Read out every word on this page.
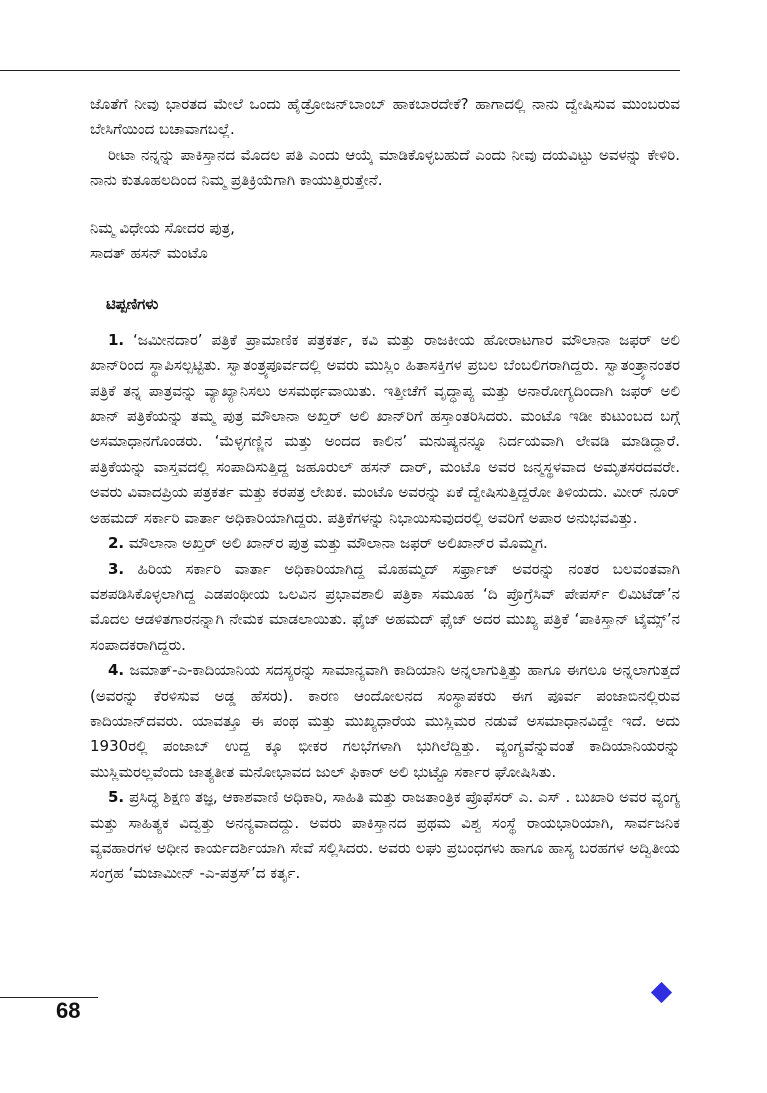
ಜೊತೆಗೆ ನೀವು ಭಾರತದ ಮೇಲೆ ಒಂದು ಹೈಡ್ರೋಜನ್‌ಬಾಂಬ್ ಹಾಕಬಾರದೇಕೆ? ಹಾಗಾದಲ್ಲಿ ನಾನು ದ್ವೇಷಿಸುವ ಮುಂಬರುವ ಬೇಸಿಗೆಯಿಂದ ಬಚಾವಾಗಬಲ್ಲೆ.

ರೀಟಾ ನನ್ನನ್ನು ಪಾಕಿಸ್ತಾನದ ಮೊದಲ ಪತಿ ಎಂದು ಆಯ್ಕೆ ಮಾಡಿಕೊಳ್ಳಬಹುದೆ ಎಂದು ನೀವು ದಯವಿಟ್ಟು ಅವಳನ್ನು ಕೇಳಿರಿ. ನಾನು ಕುತೂಹಲದಿಂದ ನಿಮ್ಮ ಪ್ರತಿಕ್ರಿಯೆಗಾಗಿ ಕಾಯುತ್ತಿರುತ್ತೇನೆ.

ನಿಮ್ಮ ವಿಧೇಯ ಸೋದರ ಪುತ್ರ,

ಸಾದತ್ ಹಸನ್ ಮಂಟೊ

ಟಿಪ್ಪಣಿಗಳು

1. ‘ಜಮೀನದಾರ’ ಪತ್ರಿಕೆ ಪ್ರಾಮಾಣಿಕ ಪತ್ರಕರ್ತ, ಕವಿ ಮತ್ತು ರಾಜಕೀಯ ಹೋರಾಟಗಾರ ಮೌಲಾನಾ ಜಫರ್ ಅಲಿ ಖಾನ್‌ರಿಂದ ಸ್ಥಾಪಿಸಲ್ಪಟ್ಟಿತು. ಸ್ವಾತಂತ್ರ್ಯಪೂರ್ವದಲ್ಲಿ ಅವರು ಮುಸ್ಲಿಂ ಹಿತಾಸಕ್ತಿಗಳ ಪ್ರಬಲ ಬೆಂಬಲಿಗರಾಗಿದ್ದರು. ಸ್ವಾತಂತ್ರ್ಯಾನಂತರ ಪತ್ರಿಕೆ ತನ್ನ ಪಾತ್ರವನ್ನು ವ್ಯಾಖ್ಯಾನಿಸಲು ಅಸಮರ್ಥವಾಯಿತು. ಇತ್ತೀಚೆಗೆ ವೃದ್ಧಾಪ್ಯ ಮತ್ತು ಅನಾರೋಗ್ಯದಿಂದಾಗಿ ಜಫರ್ ಅಲಿ ಖಾನ್ ಪತ್ರಿಕೆಯನ್ನು ತಮ್ಮ ಪುತ್ರ ಮೌಲಾನಾ ಅಖ್ತರ್ ಅಲಿ ಖಾನ್‌ರಿಗೆ ಹಸ್ತಾಂತರಿಸಿದರು. ಮಂಟೊ ಇಡೀ ಕುಟುಂಬದ ಬಗ್ಗೆ ಅಸಮಾಧಾನಗೊಂಡರು. ‘ಮೆಳ್ಳಗಣ್ಣಿನ ಮತ್ತು ಅಂದದ ಕಾಲಿನ’ ಮನುಷ್ಯನನ್ನೂ ನಿರ್ದಯವಾಗಿ ಲೇವಡಿ ಮಾಡಿದ್ದಾರೆ. ಪತ್ರಿಕೆಯನ್ನು ವಾಸ್ತವದಲ್ಲಿ ಸಂಪಾದಿಸುತ್ತಿದ್ದ ಜಹೂರುಲ್ ಹಸನ್ ದಾರ್, ಮಂಟೊ ಅವರ ಜನ್ಮಸ್ಥಳವಾದ ಅಮೃತಸರದವರೇ. ಅವರು ವಿವಾದಪ್ರಿಯ ಪತ್ರಕರ್ತ ಮತ್ತು ಕರಪತ್ರ ಲೇಖಕ. ಮಂಟೊ ಅವರನ್ನು ಏಕೆ ದ್ವೇಷಿಸುತ್ತಿದ್ದರೋ ತಿಳಿಯದು. ಮೀರ್ ನೂರ್ ಅಹಮದ್ ಸರ್ಕಾರಿ ವಾರ್ತಾ ಅಧಿಕಾರಿಯಾಗಿದ್ದರು. ಪತ್ರಿಕೆಗಳನ್ನು ನಿಭಾಯಿಸುವುದರಲ್ಲಿ ಅವರಿಗೆ ಅಪಾರ ಅನುಭವವಿತ್ತು.

2. ಮೌಲಾನಾ ಅಖ್ತರ್ ಅಲಿ ಖಾನ್‌ರ ಪುತ್ರ ಮತ್ತು ಮೌಲಾನಾ ಜಫರ್ ಅಲಿಖಾನ್‌ರ ಮೊಮ್ಮಗ.

3. ಹಿರಿಯ ಸರ್ಕಾರಿ ವಾರ್ತಾ ಅಧಿಕಾರಿಯಾಗಿದ್ದ ಮೊಹಮ್ಮದ್ ಸರ್ಫ್ರಾಜ್ ಅವರನ್ನು ನಂತರ ಬಲವಂತವಾಗಿ ವಶಪಡಿಸಿಕೊಳ್ಳಲಾಗಿದ್ದ ಎಡಪಂಥೀಯ ಒಲವಿನ ಪ್ರಭಾವಶಾಲಿ ಪತ್ರಿಕಾ ಸಮೂಹ ‘ದಿ ಪ್ರೊಗ್ರೆಸಿವ್ ಪೇಪರ್ಸ್ ಲಿಮಿಟೆಡ್’ನ ಮೊದಲ ಆಡಳಿತಗಾರನನ್ನಾಗಿ ನೇಮಕ ಮಾಡಲಾಯಿತು. ಫೈಜ್ ಅಹಮದ್ ಫೈಜ್ ಅದರ ಮುಖ್ಯ ಪತ್ರಿಕೆ ‘ಪಾಕಿಸ್ತಾನ್ ಟೈಮ್ಸ್’ನ ಸಂಪಾದಕರಾಗಿದ್ದರು.

4. ಜಮಾತ್-ಎ-ಕಾದಿಯಾನಿಯ ಸದಸ್ಯರನ್ನು ಸಾಮಾನ್ಯವಾಗಿ ಕಾದಿಯಾನಿ ಅನ್ನಲಾಗುತ್ತಿತ್ತು ಹಾಗೂ ಈಗಲೂ ಅನ್ನಲಾಗುತ್ತದೆ (ಅವರನ್ನು ಕೆರಳಿಸುವ ಅಡ್ಡ ಹೆಸರು). ಕಾರಣ ಆಂದೋಲನದ ಸಂಸ್ಥಾಪಕರು ಈಗ ಪೂರ್ವ ಪಂಜಾಬಿನಲ್ಲಿರುವ ಕಾದಿಯಾನ್‌ದವರು. ಯಾವತ್ತೂ ಈ ಪಂಥ ಮತ್ತು ಮುಖ್ಯಧಾರೆಯ ಮುಸ್ಲಿಮರ ನಡುವೆ ಅಸಮಾಧಾನವಿದ್ದೇ ಇದೆ. ಅದು 1930ರಲ್ಲಿ ಪಂಜಾಬ್ ಉದ್ದ ಕ್ಕೂ ಭೀಕರ ಗಲಭೆಗಳಾಗಿ ಭುಗಿಲೆದ್ದಿತ್ತು. ವ್ಯಂಗ್ಯವೆನ್ನುವಂತೆ ಕಾದಿಯಾನಿಯರನ್ನು ಮುಸ್ಲಿಮರಲ್ಲವೆಂದು ಜಾತ್ಯತೀತ ಮನೋಭಾವದ ಜುಲ್ ಫಿಕಾರ್ ಅಲಿ ಭುಟ್ಟೊ ಸರ್ಕಾರ ಘೋಷಿಸಿತು.

5. ಪ್ರಸಿದ್ಧ ಶಿಕ್ಷಣ ತಜ್ಞ, ಆಕಾಶವಾಣಿ ಅಧಿಕಾರಿ, ಸಾಹಿತಿ ಮತ್ತು ರಾಜತಾಂತ್ರಿಕ ಪ್ರೊಫೆಸರ್ ಎ. ಎಸ್ . ಬುಖಾರಿ ಅವರ ವ್ಯಂಗ್ಯ ಮತ್ತು ಸಾಹಿತ್ಯಕ ವಿದ್ವತ್ತು ಅನನ್ಯವಾದದ್ದು. ಅವರು ಪಾಕಿಸ್ತಾನದ ಪ್ರಥಮ ವಿಶ್ವ ಸಂಸ್ಥೆ ರಾಯಭಾರಿಯಾಗಿ, ಸಾರ್ವಜನಿಕ ವ್ಯವಹಾರಗಳ ಅಧೀನ ಕಾರ್ಯದರ್ಶಿಯಾಗಿ ಸೇವೆ ಸಲ್ಲಿಸಿದರು. ಅವರು ಲಘು ಪ್ರಬಂಧಗಳು ಹಾಗೂ ಹಾಸ್ಯ ಬರಹಗಳ ಅದ್ವಿತೀಯ ಸಂಗ್ರಹ ‘ಮಜಾಮೀನ್ -ಎ-ಪತ್ರಸ್’ದ ಕರ್ತೃ.

68
